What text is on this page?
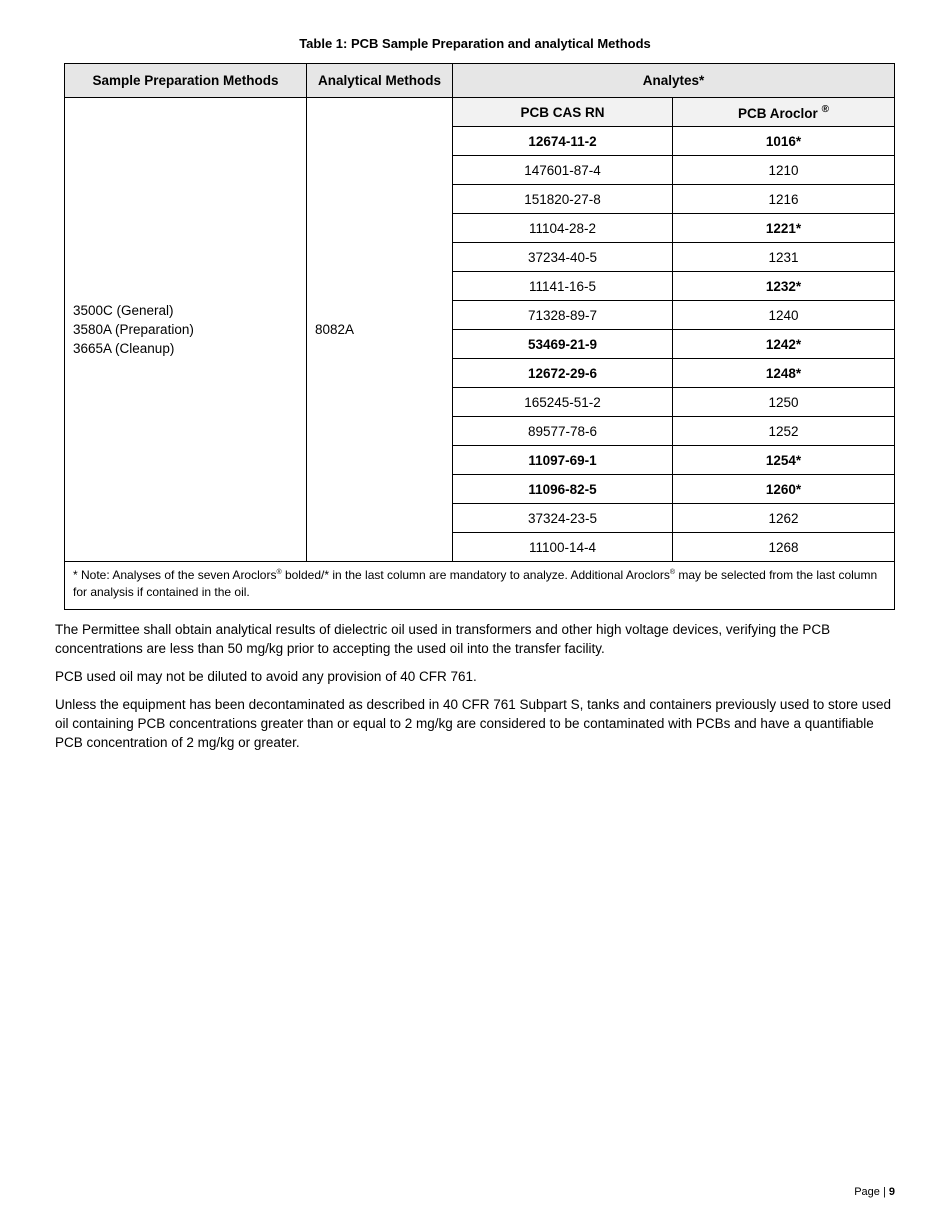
Table 1: PCB Sample Preparation and analytical Methods
Sample Preparation Methods	Analytical Methods	Analytes*	

3500C (General)
3580A (Preparation)
3665A (Cleanup)	8082A	PCB CAS RN	PCB Aroclor ®
		12674-11-2	1016*
		147601-87-4	1210
		151820-27-8	1216
		11104-28-2	1221*
		37234-40-5	1231
		11141-16-5	1232*
		71328-89-7	1240
		53469-21-9	1242*
		12672-29-6	1248*
		165245-51-2	1250
		89577-78-6	1252
		11097-69-1	1254*
		11096-82-5	1260*
		37324-23-5	1262
		11100-14-4	1268
* Note: Analyses of the seven Aroclors® bolded/* in the last column are mandatory to analyze. Additional Aroclors® may be selected from the last column for analysis if contained in the oil.			

The Permittee shall obtain analytical results of dielectric oil used in transformers and other high voltage devices, verifying the PCB concentrations are less than 50 mg/kg prior to accepting the used oil into the transfer facility.

PCB used oil may not be diluted to avoid any provision of 40 CFR 761.

Unless the equipment has been decontaminated as described in 40 CFR 761 Subpart S, tanks and containers previously used to store used oil containing PCB concentrations greater than or equal to 2 mg/kg are considered to be contaminated with PCBs and have a quantifiable PCB concentration of 2 mg/kg or greater.

Page | 9
